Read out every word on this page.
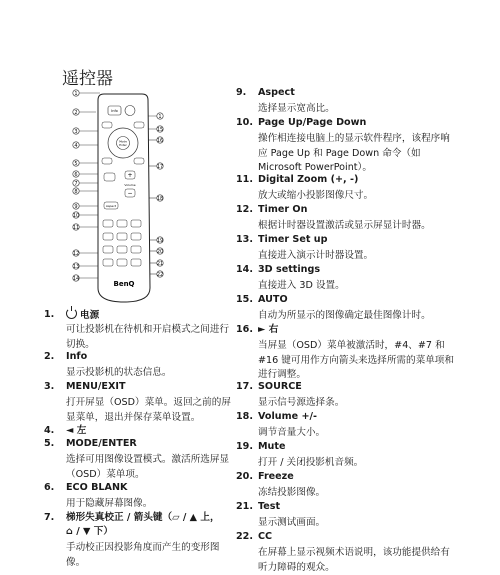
遥控器
1
2
3
4
5
6
7
8
9
10
11
12
13
14
1
15
16
17
18
19
20
21
22
Info
Mode
Enter
+
Volume
−
Aspect
BenQ
1.	电源
可让投影机在待机和开启模式之间进行切换。
2. Info
显示投影机的状态信息。
3. MENU/EXIT
打开屏显（OSD）菜单。返回之前的屏显菜单，退出并保存菜单设置。
4. ◄ 左
5. MODE/ENTER
选择可用图像设置模式。激活所选屏显（OSD）菜单项。
6. ECO BLANK
用于隐藏屏幕图像。
7. 梯形失真校正 / 箭头键（▱ / ▲ 上，⌂ / ▼ 下）
手动校正因投影角度而产生的变形图像。
9. Aspect
选择显示宽高比。
10. Page Up/Page Down
操作相连接电脑上的显示软件程序，该程序响应 Page Up 和 Page Down 命令（如 Microsoft PowerPoint）。
11. Digital Zoom (+, -)
放大或缩小投影图像尺寸。
12. Timer On
根据计时器设置激活或显示屏显计时器。
13. Timer Set up
直接进入演示计时器设置。
14. 3D settings
直接进入 3D 设置。
15. AUTO
自动为所显示的图像确定最佳图像计时。
16. ► 右
当屏显（OSD）菜单被激活时，#4、#7 和 #16 键可用作方向箭头来选择所需的菜单项和进行调整。
17. SOURCE
显示信号源选择条。
18. Volume +/-
调节音量大小。
19. Mute
打开 / 关闭投影机音频。
20. Freeze
冻结投影图像。
21. Test
显示测试画面。
22. CC
在屏幕上显示视频术语说明，该功能提供给有听力障碍的观众。
